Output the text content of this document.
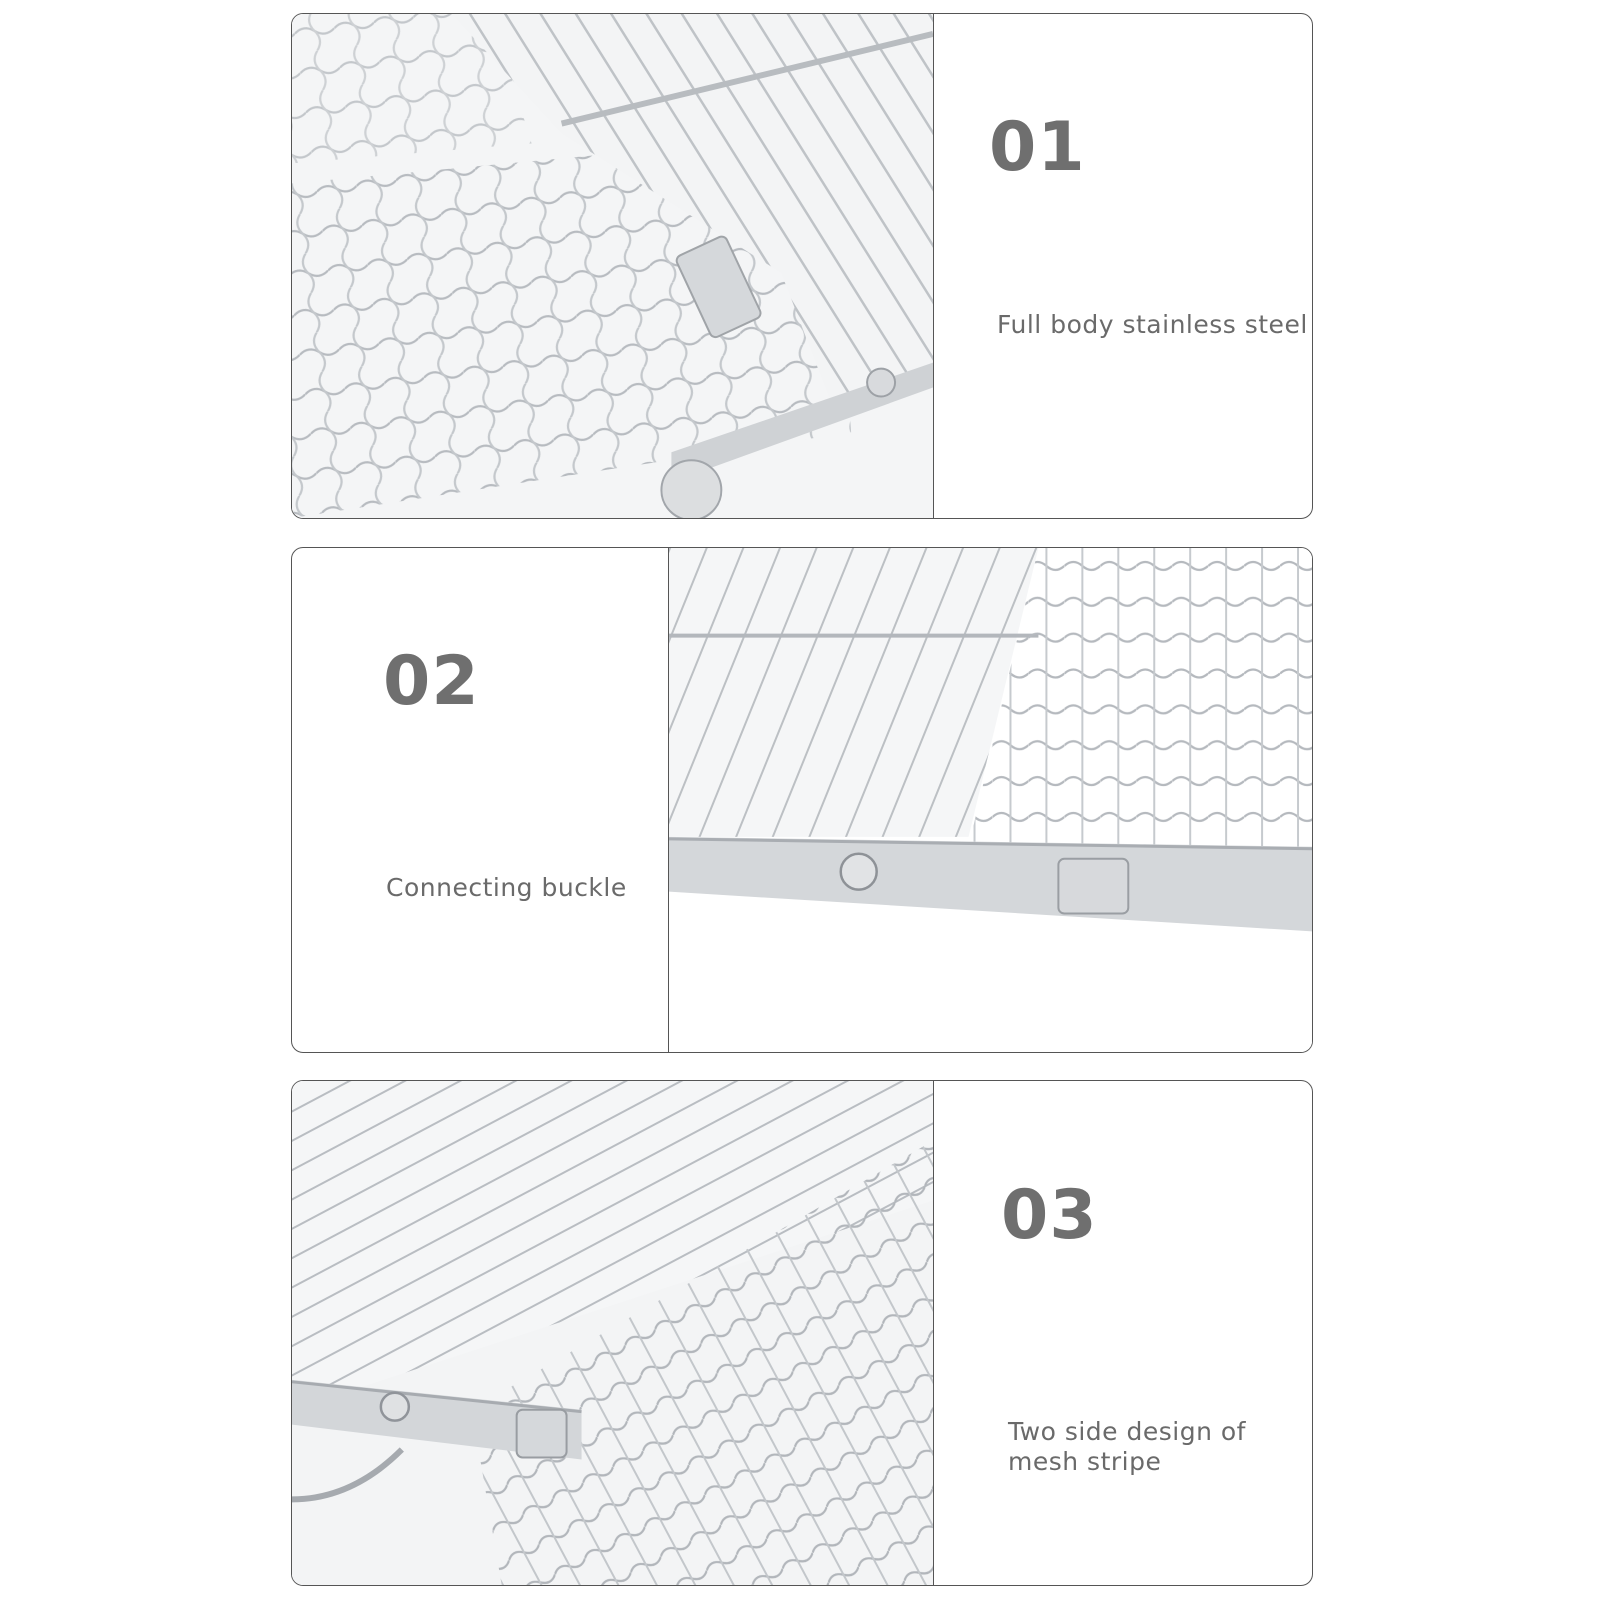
01
Full body stainless steel
02
Connecting buckle
03
Two side design of mesh stripe
